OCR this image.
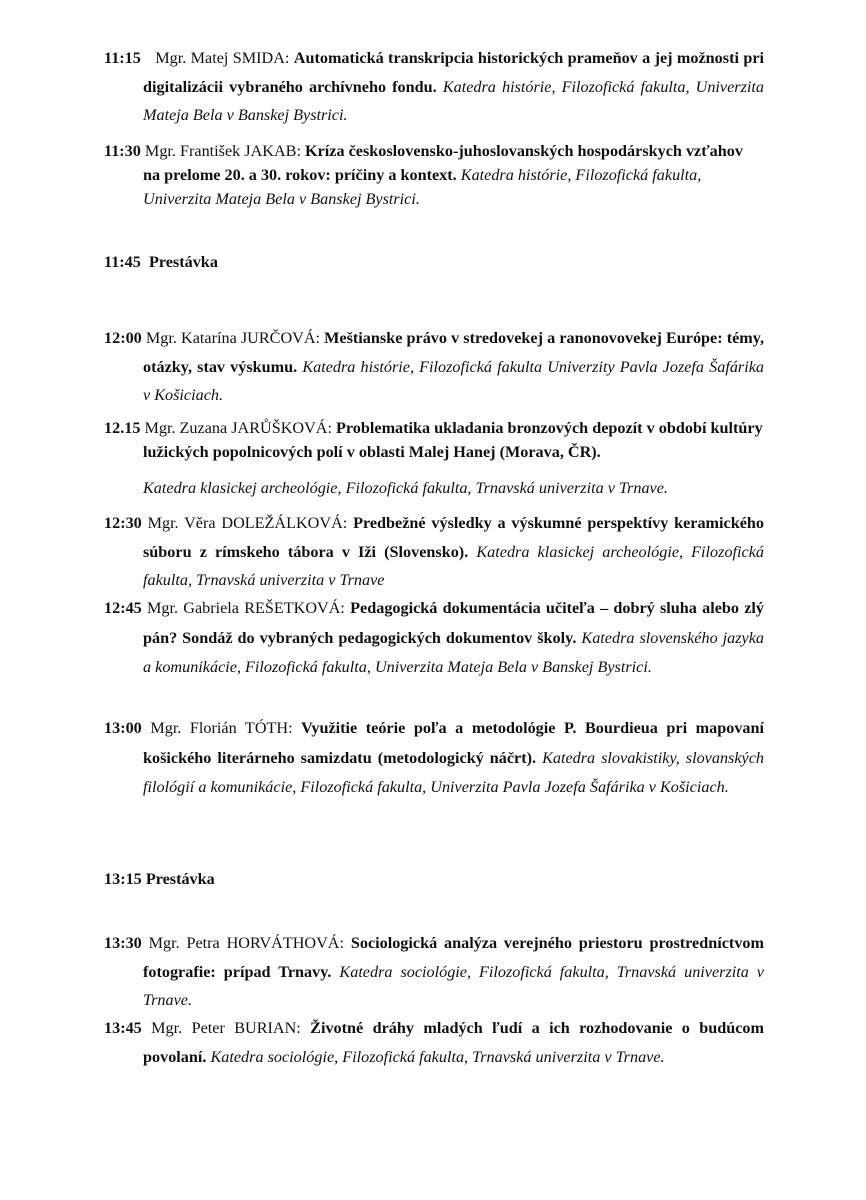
11:15 Mgr. Matej SMIDA: Automatická transkripcia historických prameňov a jej možnosti pri digitalizácii vybraného archívneho fondu. Katedra histórie, Filozofická fakulta, Univerzita Mateja Bela v Banskej Bystrici.

11:30 Mgr. František JAKAB: Kríza československo-juhoslovanských hospodárskych vzťahov na prelome 20. a 30. rokov: príčiny a kontext. Katedra histórie, Filozofická fakulta, Univerzita Mateja Bela v Banskej Bystrici.

11:45 Prestávka

12:00 Mgr. Katarína JURČOVÁ: Meštianske právo v stredovekej a ranonovovekej Európe: témy, otázky, stav výskumu. Katedra histórie, Filozofická fakulta Univerzity Pavla Jozefa Šafárika v Košiciach.

12.15 Mgr. Zuzana JARŮŠKOVÁ: Problematika ukladania bronzových depozít v období kultúry lužických popolnicových polí v oblasti Malej Hanej (Morava, ČR).

Katedra klasickej archeológie, Filozofická fakulta, Trnavská univerzita v Trnave.

12:30 Mgr. Věra DOLEŽÁLKOVÁ: Predbežné výsledky a výskumné perspektívy keramického súboru z rímskeho tábora v Iži (Slovensko). Katedra klasickej archeológie, Filozofická fakulta, Trnavská univerzita v Trnave

12:45 Mgr. Gabriela REŠETKOVÁ: Pedagogická dokumentácia učiteľa – dobrý sluha alebo zlý pán? Sondáž do vybraných pedagogických dokumentov školy. Katedra slovenského jazyka a komunikácie, Filozofická fakulta, Univerzita Mateja Bela v Banskej Bystrici.

13:00 Mgr. Florián TÓTH: Využitie teórie poľa a metodológie P. Bourdieua pri mapovaní košického literárneho samizdatu (metodologický náčrt). Katedra slovakistiky, slovanských filológií a komunikácie, Filozofická fakulta, Univerzita Pavla Jozefa Šafárika v Košiciach.

13:15 Prestávka

13:30 Mgr. Petra HORVÁTHOVÁ: Sociologická analýza verejného priestoru prostredníctvom fotografie: prípad Trnavy. Katedra sociológie, Filozofická fakulta, Trnavská univerzita v Trnave.

13:45 Mgr. Peter BURIAN: Životné dráhy mladých ľudí a ich rozhodovanie o budúcom povolaní. Katedra sociológie, Filozofická fakulta, Trnavská univerzita v Trnave.
